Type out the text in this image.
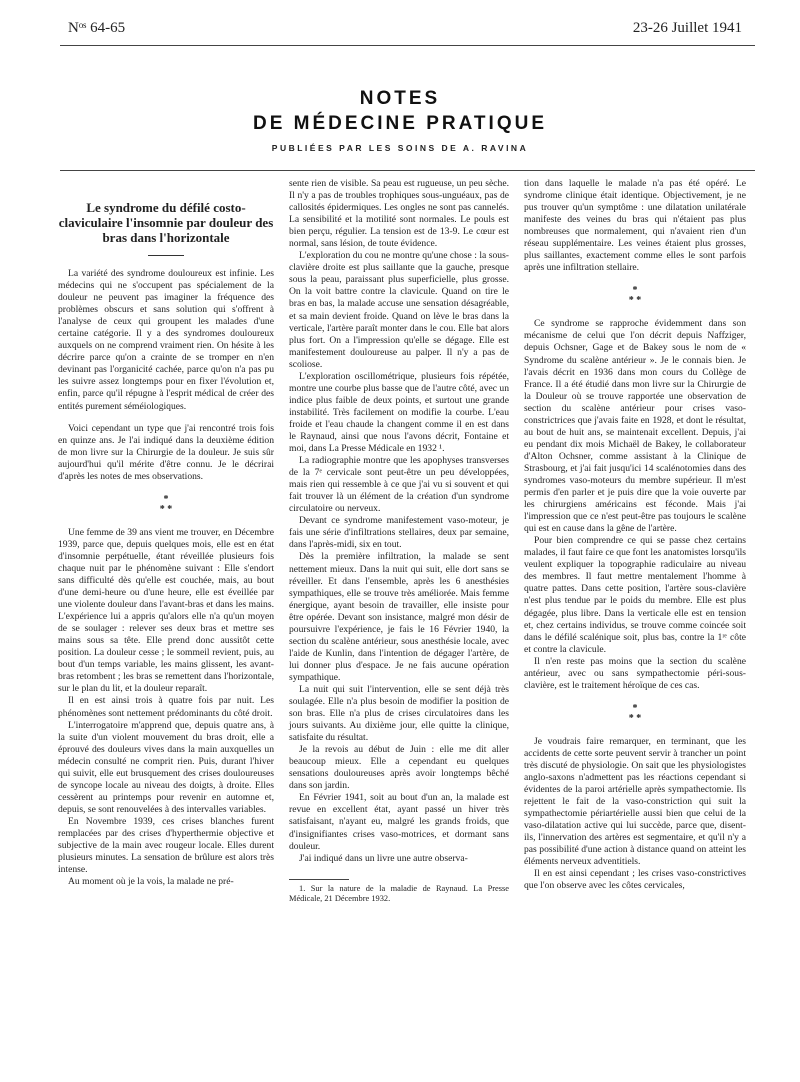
Nᵒˢ 64-65	23-26 Juillet 1941
NOTES
DE MÉDECINE PRATIQUE
PUBLIÉES PAR LES SOINS DE A. RAVINA
Le syndrome du défilé costo-claviculaire l'insomnie par douleur des bras dans l'horizontale

La variété des syndrome douloureux est infinie. Les médecins qui ne s'occupent pas spécialement de la douleur ne peuvent pas imaginer la fréquence des problèmes obscurs et sans solution qui s'offrent à l'analyse de ceux qui groupent les malades d'une certaine catégorie. Il y a des syndromes douloureux auxquels on ne comprend vraiment rien. On hésite à les décrire parce qu'on a crainte de se tromper en n'en devinant pas l'organicité cachée, parce qu'on n'a pas pu les suivre assez longtemps pour en fixer l'évolution et, enfin, parce qu'il répugne à l'esprit médical de créer des entités purement séméiologiques.

Voici cependant un type que j'ai rencontré trois fois en quinze ans. Je l'ai indiqué dans la deuxième édition de mon livre sur la Chirurgie de la douleur. Je suis sûr aujourd'hui qu'il mérite d'être connu. Je le décrirai d'après les notes de mes observations.

*
* *

Une femme de 39 ans vient me trouver, en Décembre 1939, parce que, depuis quelques mois, elle est en état d'insomnie perpétuelle, étant réveillée plusieurs fois chaque nuit par le phénomène suivant : Elle s'endort sans difficulté dès qu'elle est couchée, mais, au bout d'une demi-heure ou d'une heure, elle est éveillée par une violente douleur dans l'avant-bras et dans les mains. L'expérience lui a appris qu'alors elle n'a qu'un moyen de se soulager : relever ses deux bras et mettre ses mains sous sa tête. Elle prend donc aussitôt cette position. La douleur cesse ; le sommeil revient, puis, au bout d'un temps variable, les mains glissent, les avant-bras retombent ; les bras se remettent dans l'horizontale, sur le plan du lit, et la douleur reparaît.

Il en est ainsi trois à quatre fois par nuit. Les phénomènes sont nettement prédominants du côté droit.

L'interrogatoire m'apprend que, depuis quatre ans, à la suite d'un violent mouvement du bras droit, elle a éprouvé des douleurs vives dans la main auxquelles un médecin consulté ne comprit rien. Puis, durant l'hiver qui suivit, elle eut brusquement des crises douloureuses de syncope locale au niveau des doigts, à droite. Elles cessèrent au printemps pour revenir en automne et, depuis, se sont renouvelées à des intervalles variables.

En Novembre 1939, ces crises blanches furent remplacées par des crises d'hyperthermie objective et subjective de la main avec rougeur locale. Elles durent plusieurs minutes. La sensation de brûlure est alors très intense.

Au moment où je la vois, la malade ne pré-

sente rien de visible. Sa peau est rugueuse, un peu sèche. Il n'y a pas de troubles trophiques sous-unguéaux, pas de callosités épidermiques. Les ongles ne sont pas cannelés. La sensibilité et la motilité sont normales. Le pouls est bien perçu, régulier. La tension est de 13-9. Le cœur est normal, sans lésion, de toute évidence.

L'exploration du cou ne montre qu'une chose : la sous-clavière droite est plus saillante que la gauche, presque sous la peau, paraissant plus superficielle, plus grosse. On la voit battre contre la clavicule. Quand on tire le bras en bas, la malade accuse une sensation désagréable, et sa main devient froide. Quand on lève le bras dans la verticale, l'artère paraît monter dans le cou. Elle bat alors plus fort. On a l'impression qu'elle se dégage. Elle est manifestement douloureuse au palper. Il n'y a pas de scoliose.

L'exploration oscillométrique, plusieurs fois répétée, montre une courbe plus basse que de l'autre côté, avec un indice plus faible de deux points, et surtout une grande instabilité. Très facilement on modifie la courbe. L'eau froide et l'eau chaude la changent comme il en est dans le Raynaud, ainsi que nous l'avons décrit, Fontaine et moi, dans La Presse Médicale en 1932 ¹.

La radiographie montre que les apophyses transverses de la 7ᵉ cervicale sont peut-être un peu développées, mais rien qui ressemble à ce que j'ai vu si souvent et qui fait trouver là un élément de la création d'un syndrome circulatoire ou nerveux.

Devant ce syndrome manifestement vaso-moteur, je fais une série d'infiltrations stellaires, deux par semaine, dans l'après-midi, six en tout.

Dès la première infiltration, la malade se sent nettement mieux. Dans la nuit qui suit, elle dort sans se réveiller. Et dans l'ensemble, après les 6 anesthésies sympathiques, elle se trouve très améliorée. Mais femme énergique, ayant besoin de travailler, elle insiste pour être opérée. Devant son insistance, malgré mon désir de poursuivre l'expérience, je fais le 16 Février 1940, la section du scalène antérieur, sous anesthésie locale, avec l'aide de Kunlin, dans l'intention de dégager l'artère, de lui donner plus d'espace. Je ne fais aucune opération sympathique.

La nuit qui suit l'intervention, elle se sent déjà très soulagée. Elle n'a plus besoin de modifier la position de son bras. Elle n'a plus de crises circulatoires dans les jours suivants. Au dixième jour, elle quitte la clinique, satisfaite du résultat.

Je la revois au début de Juin : elle me dit aller beaucoup mieux. Elle a cependant eu quelques sensations douloureuses après avoir longtemps bêché dans son jardin.

En Février 1941, soit au bout d'un an, la malade est revue en excellent état, ayant passé un hiver très satisfaisant, n'ayant eu, malgré les grands froids, que d'insignifiantes crises vaso-motrices, et dormant sans douleur.

J'ai indiqué dans un livre une autre observa-

1. Sur la nature de la maladie de Raynaud. La Presse Médicale, 21 Décembre 1932.

tion dans laquelle le malade n'a pas été opéré. Le syndrome clinique était identique. Objectivement, je ne pus trouver qu'un symptôme : une dilatation unilatérale manifeste des veines du bras qui n'étaient pas plus nombreuses que normalement, qui n'avaient rien d'un réseau supplémentaire. Les veines étaient plus grosses, plus saillantes, exactement comme elles le sont parfois après une infiltration stellaire.

*
* *

Ce syndrome se rapproche évidemment dans son mécanisme de celui que l'on décrit depuis Naffziger, depuis Ochsner, Gage et de Bakey sous le nom de « Syndrome du scalène antérieur ». Je le connais bien. Je l'avais décrit en 1936 dans mon cours du Collège de France. Il a été étudié dans mon livre sur la Chirurgie de la Douleur où se trouve rapportée une observation de section du scalène antérieur pour crises vaso-constrictrices que j'avais faite en 1928, et dont le résultat, au bout de huit ans, se maintenait excellent. Depuis, j'ai eu pendant dix mois Michaël de Bakey, le collaborateur d'Alton Ochsner, comme assistant à la Clinique de Strasbourg, et j'ai fait jusqu'ici 14 scalénotomies dans des syndromes vaso-moteurs du membre supérieur. Il m'est permis d'en parler et je puis dire que la voie ouverte par les chirurgiens américains est féconde. Mais j'ai l'impression que ce n'est peut-être pas toujours le scalène qui est en cause dans la gêne de l'artère.

Pour bien comprendre ce qui se passe chez certains malades, il faut faire ce que font les anatomistes lorsqu'ils veulent expliquer la topographie radiculaire au niveau des membres. Il faut mettre mentalement l'homme à quatre pattes. Dans cette position, l'artère sous-clavière n'est plus tendue par le poids du membre. Elle est plus dégagée, plus libre. Dans la verticale elle est en tension et, chez certains individus, se trouve comme coincée soit dans le défilé scalénique soit, plus bas, contre la 1ʳᵉ côte et contre la clavicule.

Il n'en reste pas moins que la section du scalène antérieur, avec ou sans sympathectomie péri-sous-clavière, est le traitement héroïque de ces cas.

*
* *

Je voudrais faire remarquer, en terminant, que les accidents de cette sorte peuvent servir à trancher un point très discuté de physiologie. On sait que les physiologistes anglo-saxons n'admettent pas les réactions cependant si évidentes de la paroi artérielle après sympathectomie. Ils rejettent le fait de la vaso-constriction qui suit la sympathectomie périartérielle aussi bien que celui de la vaso-dilatation active qui lui succède, parce que, disent-ils, l'innervation des artères est segmentaire, et qu'il n'y a pas possibilité d'une action à distance quand on atteint les éléments nerveux adventitiels.

Il en est ainsi cependant ; les crises vaso-constrictives que l'on observe avec les côtes cervicales,
